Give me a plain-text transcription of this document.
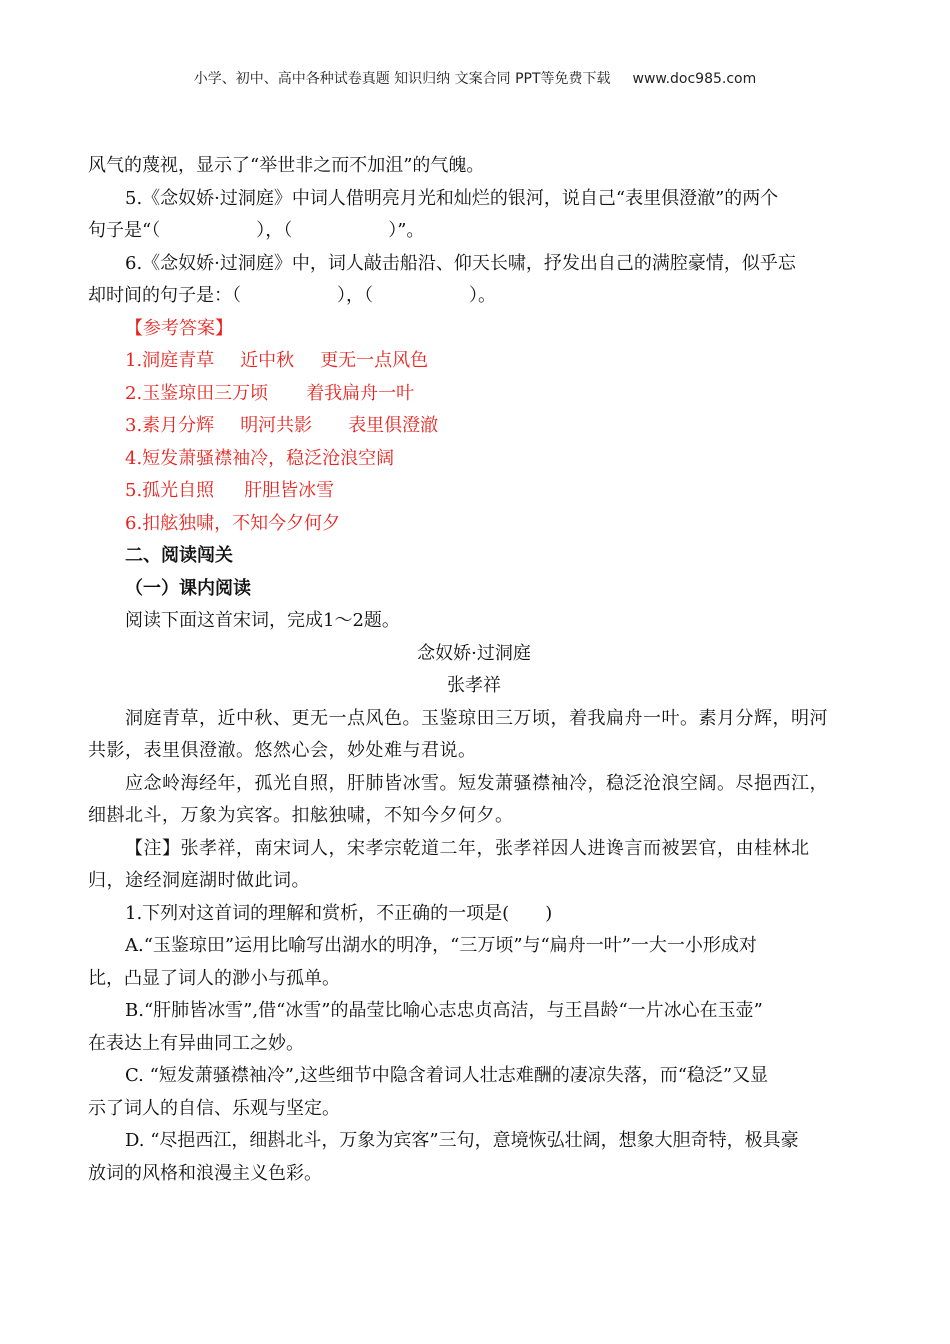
小学、初中、高中各种试卷真题 知识归纳 文案合同 PPT等免费下载 www.doc985.com

风气的蔑视，显示了“举世非之而不加沮”的气魄。

5.《念奴娇·过洞庭》中词人借明亮月光和灿烂的银河，说自己“表里俱澄澈”的两个

句子是“（	），（	）”。

6.《念奴娇·过洞庭》中，词人敲击船沿、仰天长啸，抒发出自己的满腔豪情，似乎忘

却时间的句子是：（	），（	）。

【参考答案】

1.洞庭青草 近中秋 更无一点风色

2.玉鉴琼田三万顷 着我扁舟一叶

3.素月分辉 明河共影 表里俱澄澈

4.短发萧骚襟袖冷，稳泛沧浪空阔

5.孤光自照 肝胆皆冰雪

6.扣舷独啸，不知今夕何夕

二、阅读闯关

（一）课内阅读

阅读下面这首宋词，完成1～2题。

念奴娇·过洞庭

张孝祥

洞庭青草，近中秋、更无一点风色。玉鉴琼田三万顷，着我扁舟一叶。素月分辉，明河

共影，表里俱澄澈。悠然心会，妙处难与君说。

应念岭海经年，孤光自照，肝肺皆冰雪。短发萧骚襟袖冷，稳泛沧浪空阔。尽挹西江，

细斟北斗，万象为宾客。扣舷独啸，不知今夕何夕。

【注】张孝祥，南宋词人，宋孝宗乾道二年，张孝祥因人进谗言而被罢官，由桂林北

归，途经洞庭湖时做此词。

1.下列对这首词的理解和赏析，不正确的一项是(　　)

A.“玉鉴琼田”运用比喻写出湖水的明净，“三万顷”与“扁舟一叶”一大一小形成对

比，凸显了词人的渺小与孤单。

B.“肝肺皆冰雪”,借“冰雪”的晶莹比喻心志忠贞高洁，与王昌龄“一片冰心在玉壶”

在表达上有异曲同工之妙。

C. “短发萧骚襟袖冷”,这些细节中隐含着词人壮志难酬的凄凉失落，而“稳泛”又显

示了词人的自信、乐观与坚定。

D. “尽挹西江，细斟北斗，万象为宾客”三句，意境恢弘壮阔，想象大胆奇特，极具豪

放词的风格和浪漫主义色彩。
